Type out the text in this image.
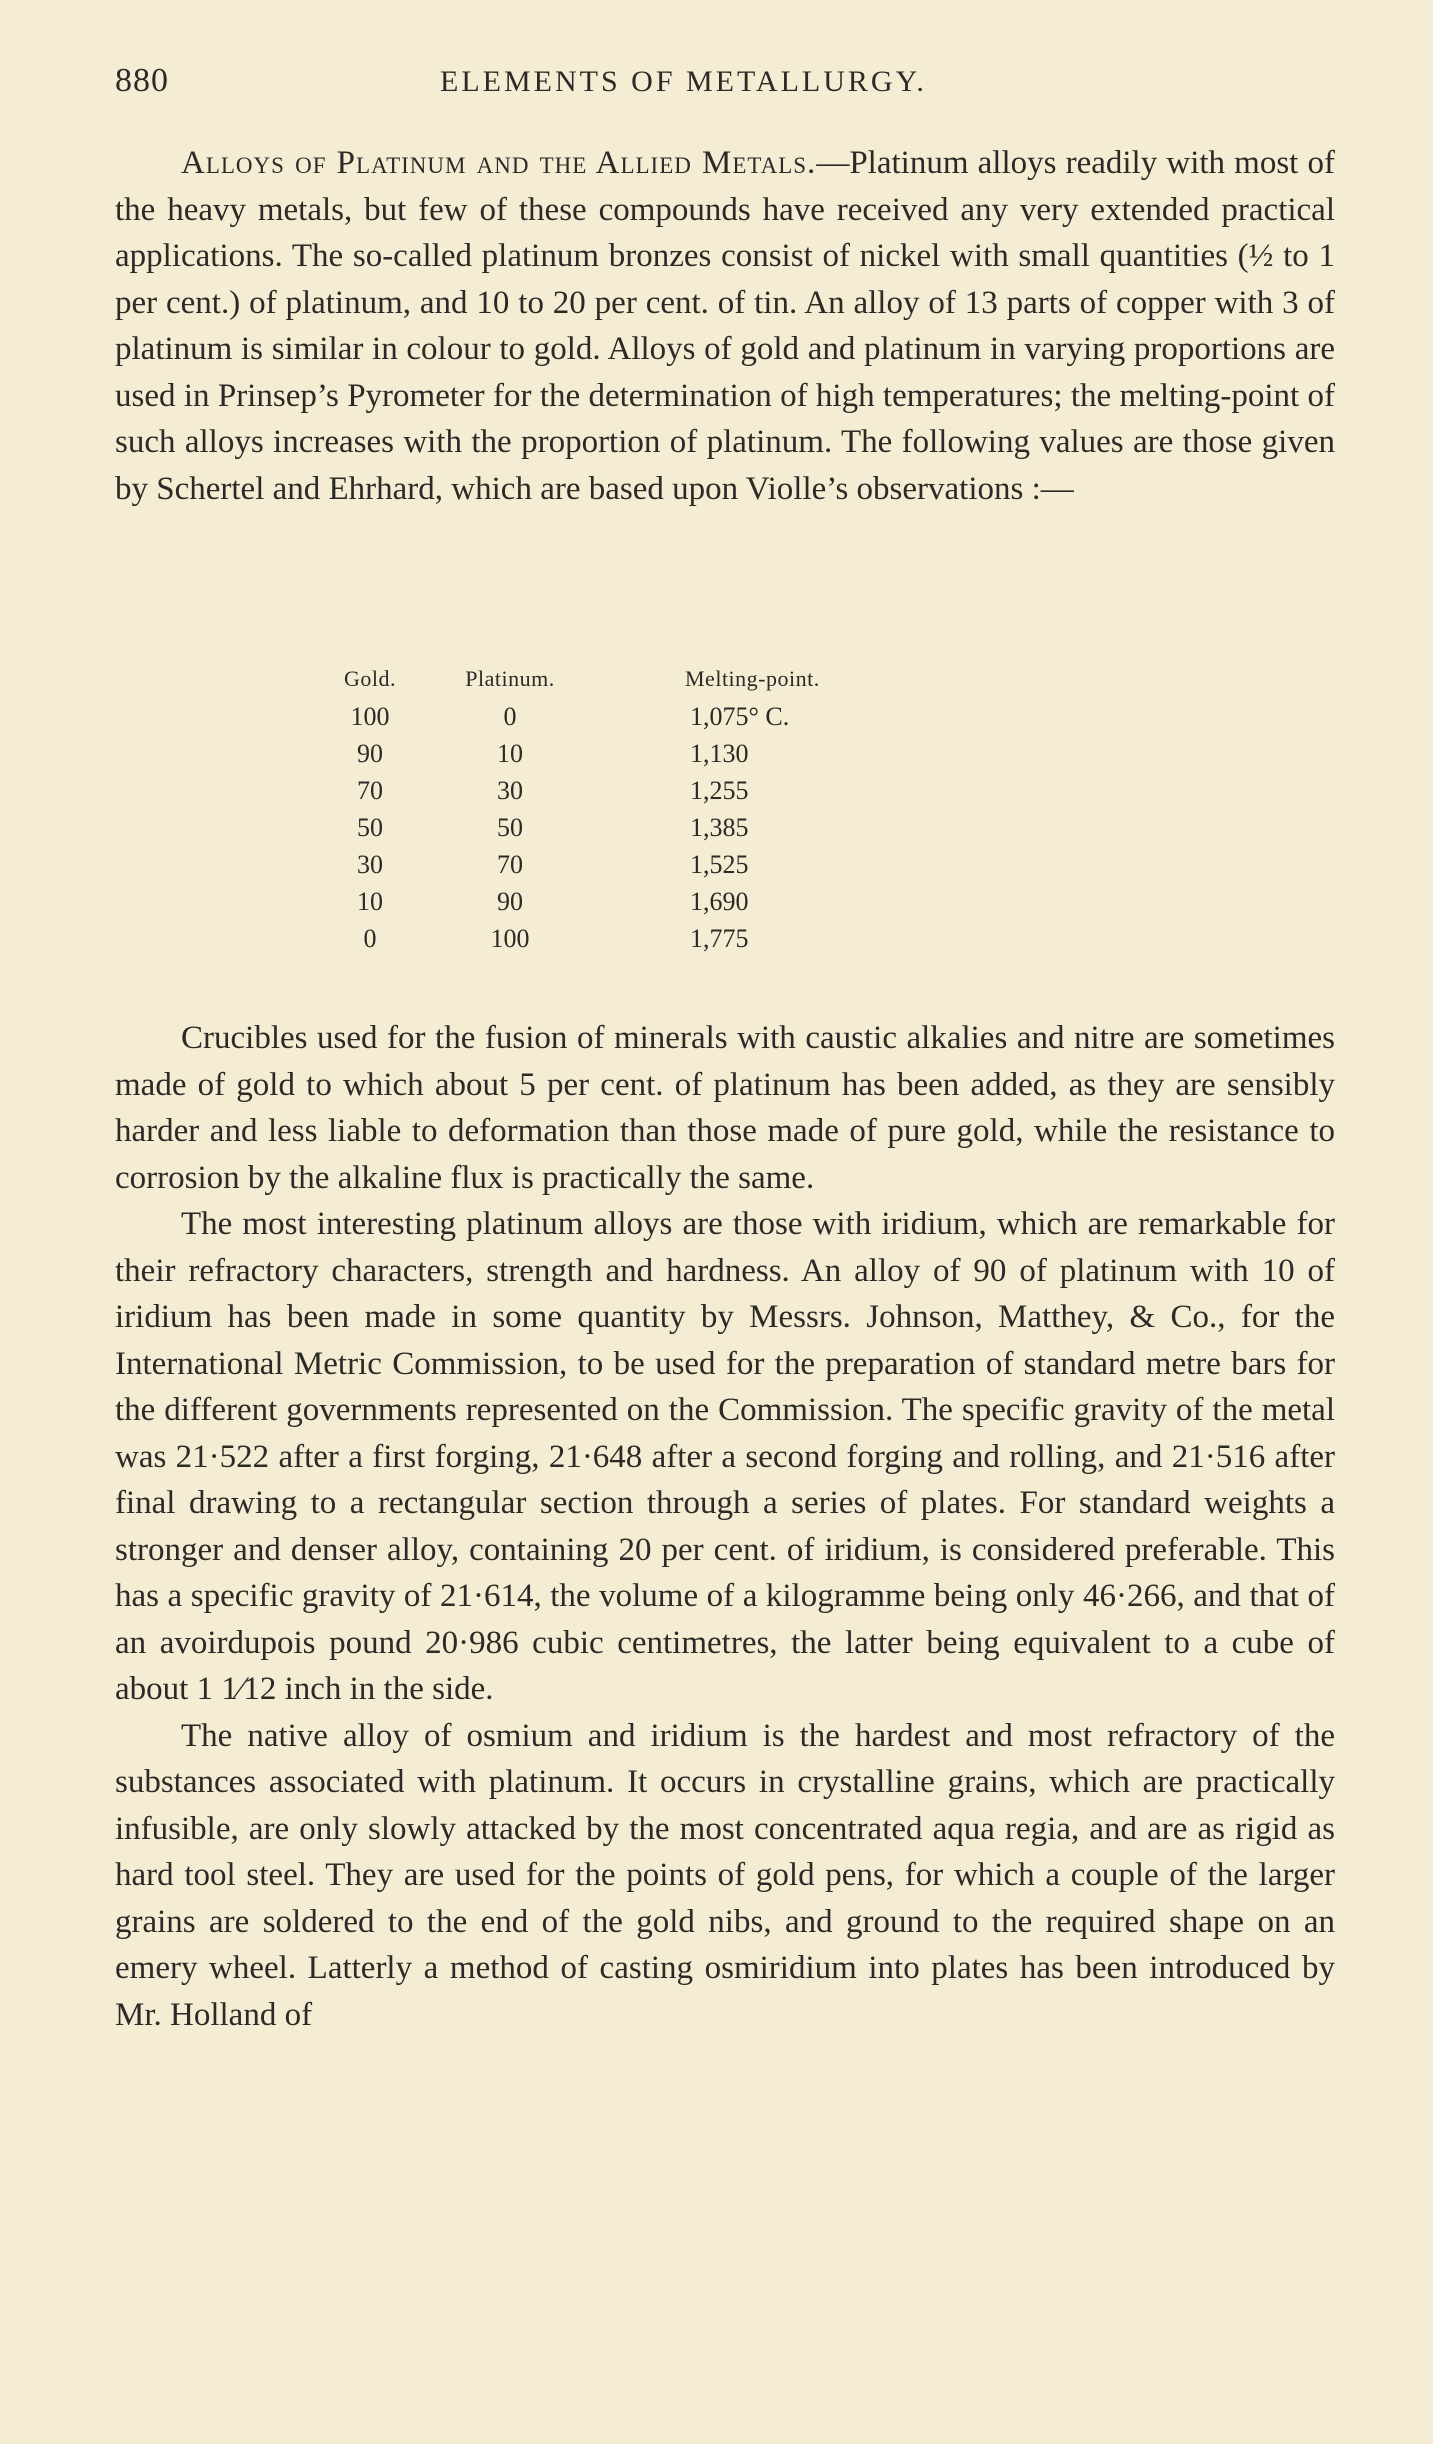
880	ELEMENTS OF METALLURGY.

Alloys of Platinum and the Allied Metals.—Platinum alloys readily with most of the heavy metals, but few of these compounds have received any very extended practical applications. The so-called platinum bronzes consist of nickel with small quantities (½ to 1 per cent.) of platinum, and 10 to 20 per cent. of tin. An alloy of 13 parts of copper with 3 of platinum is similar in colour to gold. Alloys of gold and platinum in varying proportions are used in Prinsep’s Pyrometer for the determination of high temperatures; the melting-point of such alloys increases with the proportion of platinum. The following values are those given by Schertel and Ehrhard, which are based upon Violle’s observations :—

Gold.	Platinum.	Melting-point.
100	0	1,075° C.
90	10	1,130
70	30	1,255
50	50	1,385
30	70	1,525
10	90	1,690
0	100	1,775

Crucibles used for the fusion of minerals with caustic alkalies and nitre are sometimes made of gold to which about 5 per cent. of platinum has been added, as they are sensibly harder and less liable to deformation than those made of pure gold, while the resistance to corrosion by the alkaline flux is practically the same.

The most interesting platinum alloys are those with iridium, which are remarkable for their refractory characters, strength and hardness. An alloy of 90 of platinum with 10 of iridium has been made in some quantity by Messrs. Johnson, Matthey, & Co., for the International Metric Commission, to be used for the preparation of standard metre bars for the different governments represented on the Commission. The specific gravity of the metal was 21·522 after a first forging, 21·648 after a second forging and rolling, and 21·516 after final drawing to a rectangular section through a series of plates. For standard weights a stronger and denser alloy, containing 20 per cent. of iridium, is considered preferable. This has a specific gravity of 21·614, the volume of a kilogramme being only 46·266, and that of an avoirdupois pound 20·986 cubic centimetres, the latter being equivalent to a cube of about 1 1⁄12 inch in the side.

The native alloy of osmium and iridium is the hardest and most refractory of the substances associated with platinum. It occurs in crystalline grains, which are practically infusible, are only slowly attacked by the most concentrated aqua regia, and are as rigid as hard tool steel. They are used for the points of gold pens, for which a couple of the larger grains are soldered to the end of the gold nibs, and ground to the required shape on an emery wheel. Latterly a method of casting osmiridium into plates has been introduced by Mr. Holland of
